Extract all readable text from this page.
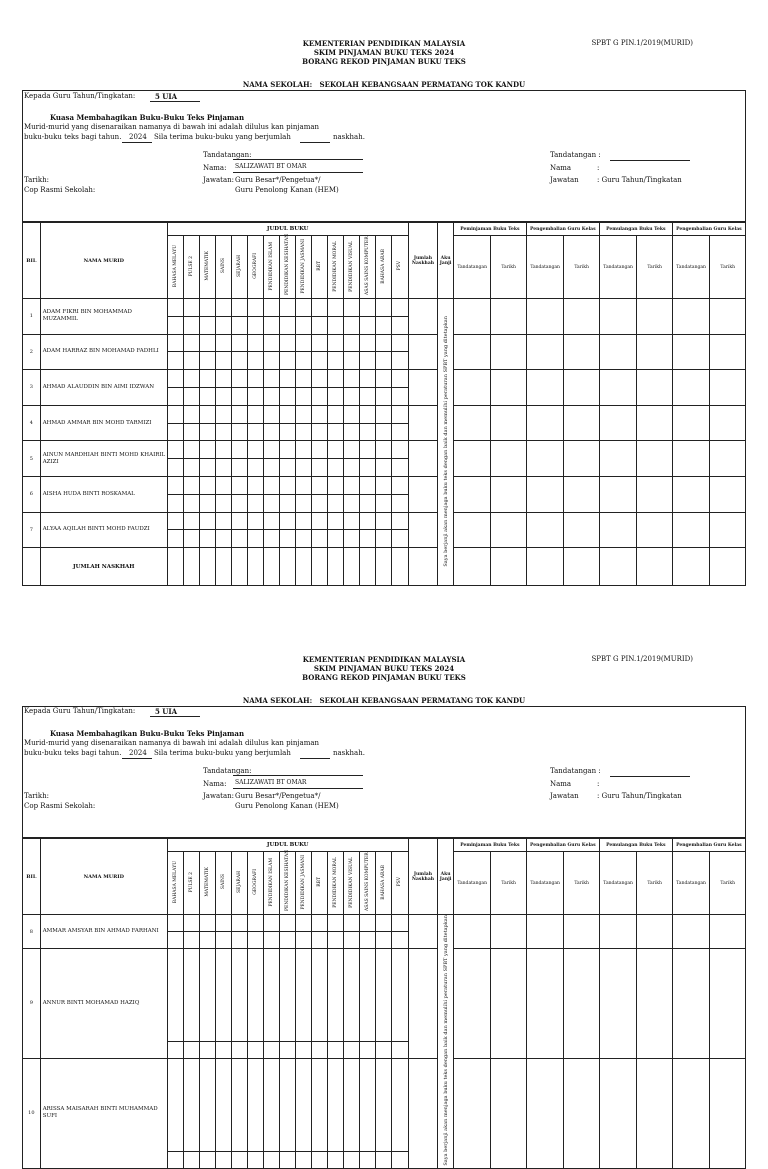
KEMENTERIAN PENDIDIKAN MALAYSIA
SKIM PINJAMAN BUKU TEKS 2024
BORANG REKOD PINJAMAN BUKU TEKS
SPBT G PIN.1/2019(MURID)
NAMA SEKOLAH: SEKOLAH KEBANGSAAN PERMATANG TOK KANDU
Kepada Guru Tahun/Tingkatan:	5 UIA
Kuasa Membahagikan Buku-Buku Teks Pinjaman
Murid-murid yang disenaraikan namanya di bawah ini adalah dilulus kan pinjaman
buku-buku teks bagi tahun. 2024 Sila terima buku-buku yang berjumlah	naskhah.
Tandatangan:
Nama: SALIZAWATI BT OMAR
Jawatan: Guru Besar*/Pengetua*/
Guru Penolong Kanan (HEM)
Tarikh:
Cop Rasmi Sekolah:
Tandatangan :
Nama	:
Jawatan	: Guru Tahun/Tingkatan
BIL	NAMA MURID	JUDUL BUKU															Jumlah Naskhah	Aku Janji	Peminjaman Buku Teks		Pengembalian Guru Kelas		Pemulangan Buku Teks		Pengembalian Guru Kelas	
		BAHASA MELAYU	PULSE 2	MATEMATIK	SAINS	SEJARAH	GEOGRAFI	PENDIDIKAN ISLAM	PENDIDIKAN KESIHATAN	PENDIDIKAN JASMANI	RBT	PENDIDIKAN MORAL	PENDIDIKAN VISUAL	ASAS SAINS KOMPUTER	BAHASA ARAB	PSV										
																			Tandatangan	Tarikh	Tandatangan	Tarikh	Tandatangan	Tarikh	Tandatangan	Tarikh
1	ADAM FIKRI BIN MOHAMMAD MUZAMMIL																	Saya berjanji akan menjaga buku teks dengan baik dan memulihi peraturan SPBT yang ditetapkan								

2	ADAM HARRAZ BIN MOHAMAD FADHLI																									

3	AHMAD ALAUDDIN BIN AIMI IDZWAN																									

4	AHMAD AMMAR BIN MOHD TARMIZI																									

5	AINUN MARDHIAH BINTI MOHD KHAIRIL AZIZI																									

6	AISHA HUDA BINTI ROSKAMAL																									

7	ALYAA AQILAH BINTI MOHD FAUDZI																									

	JUMLAH NASKHAH																									
KEMENTERIAN PENDIDIKAN MALAYSIA
SKIM PINJAMAN BUKU TEKS 2024
BORANG REKOD PINJAMAN BUKU TEKS
SPBT G PIN.1/2019(MURID)
NAMA SEKOLAH: SEKOLAH KEBANGSAAN PERMATANG TOK KANDU
Kepada Guru Tahun/Tingkatan:	5 UIA
Kuasa Membahagikan Buku-Buku Teks Pinjaman
Murid-murid yang disenaraikan namanya di bawah ini adalah dilulus kan pinjaman
buku-buku teks bagi tahun. 2024 Sila terima buku-buku yang berjumlah	naskhah.
Tandatangan:
Nama: SALIZAWATI BT OMAR
Jawatan: Guru Besar*/Pengetua*/
Guru Penolong Kanan (HEM)
Tarikh:
Cop Rasmi Sekolah:
Tandatangan :
Nama	:
Jawatan	: Guru Tahun/Tingkatan
BIL	NAMA MURID	JUDUL BUKU															Jumlah Naskhah	Aku Janji	Peminjaman Buku Teks		Pengembalian Guru Kelas		Pemulangan Buku Teks		Pengembalian Guru Kelas	
		BAHASA MELAYU	PULSE 2	MATEMATIK	SAINS	SEJARAH	GEOGRAFI	PENDIDIKAN ISLAM	PENDIDIKAN KESIHATAN	PENDIDIKAN JASMANI	RBT	PENDIDIKAN MORAL	PENDIDIKAN VISUAL	ASAS SAINS KOMPUTER	BAHASA ARAB	PSV										
																			Tandatangan	Tarikh	Tandatangan	Tarikh	Tandatangan	Tarikh	Tandatangan	Tarikh
8	AMMAR AMSYAR BIN AHMAD FARHANI																	Saya berjanji akan menjaga buku teks dengan baik dan memulihi peraturan SPBT yang ditetapkan								

9	ANNUR BINTI MOHAMAD HAZIQ																									

10	ARISSA MAISARAH BINTI MUHAMMAD SUFI																									
